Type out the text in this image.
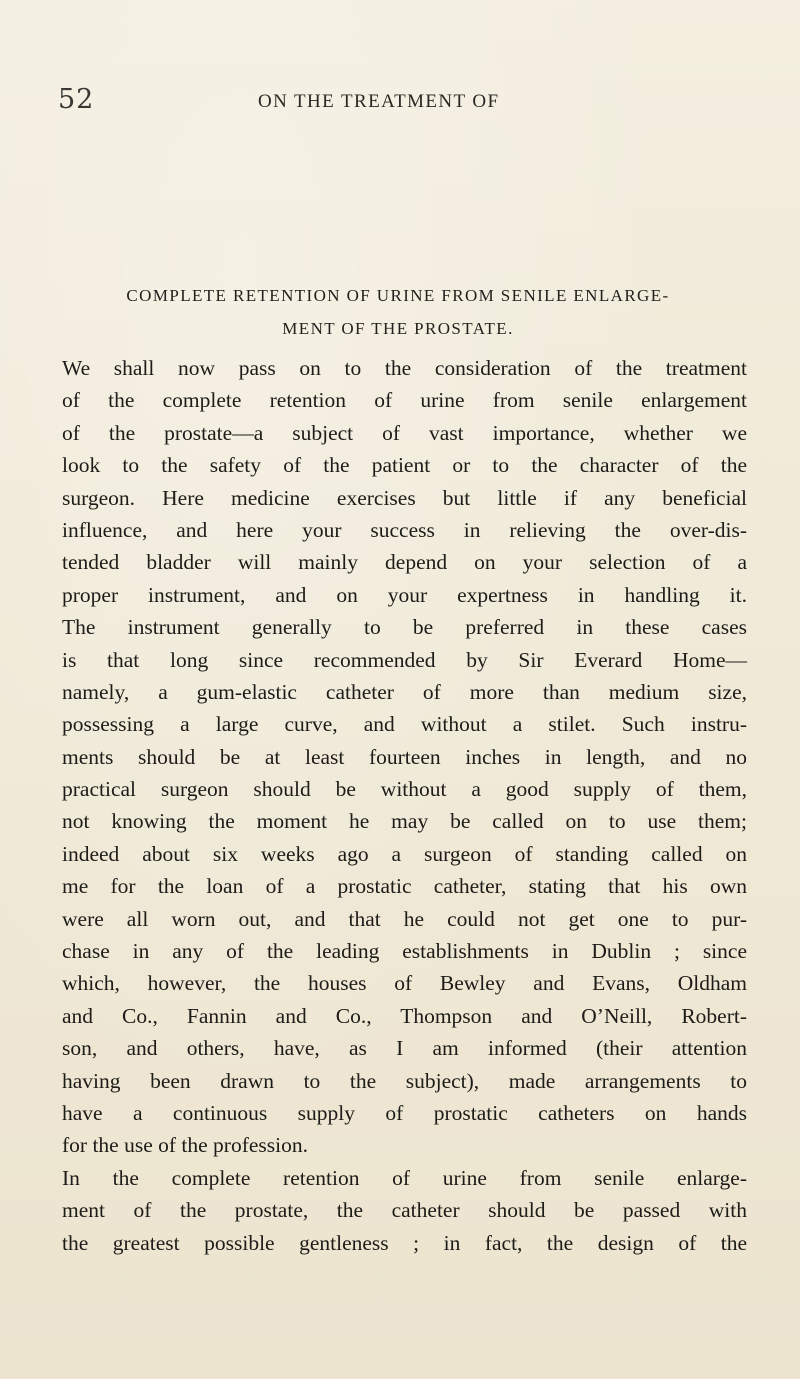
52	ON THE TREATMENT OF
COMPLETE RETENTION OF URINE FROM SENILE ENLARGE-
MENT OF THE PROSTATE.
We shall now pass on to the consideration of the treatment
of the complete retention of urine from senile enlargement
of the prostate—a subject of vast importance, whether we
look to the safety of the patient or to the character of the
surgeon. Here medicine exercises but little if any beneficial
influence, and here your success in relieving the over-dis-
tended bladder will mainly depend on your selection of a
proper instrument, and on your expertness in handling it.
The instrument generally to be preferred in these cases
is that long since recommended by Sir Everard Home—
namely, a gum-elastic catheter of more than medium size,
possessing a large curve, and without a stilet. Such instru-
ments should be at least fourteen inches in length, and no
practical surgeon should be without a good supply of them,
not knowing the moment he may be called on to use them;
indeed about six weeks ago a surgeon of standing called on
me for the loan of a prostatic catheter, stating that his own
were all worn out, and that he could not get one to pur-
chase in any of the leading establishments in Dublin ; since
which, however, the houses of Bewley and Evans, Oldham
and Co., Fannin and Co., Thompson and O’Neill, Robert-
son, and others, have, as I am informed (their attention
having been drawn to the subject), made arrangements to
have a continuous supply of prostatic catheters on hands
for the use of the profession.
In the complete retention of urine from senile enlarge-
ment of the prostate, the catheter should be passed with
the greatest possible gentleness ; in fact, the design of the
